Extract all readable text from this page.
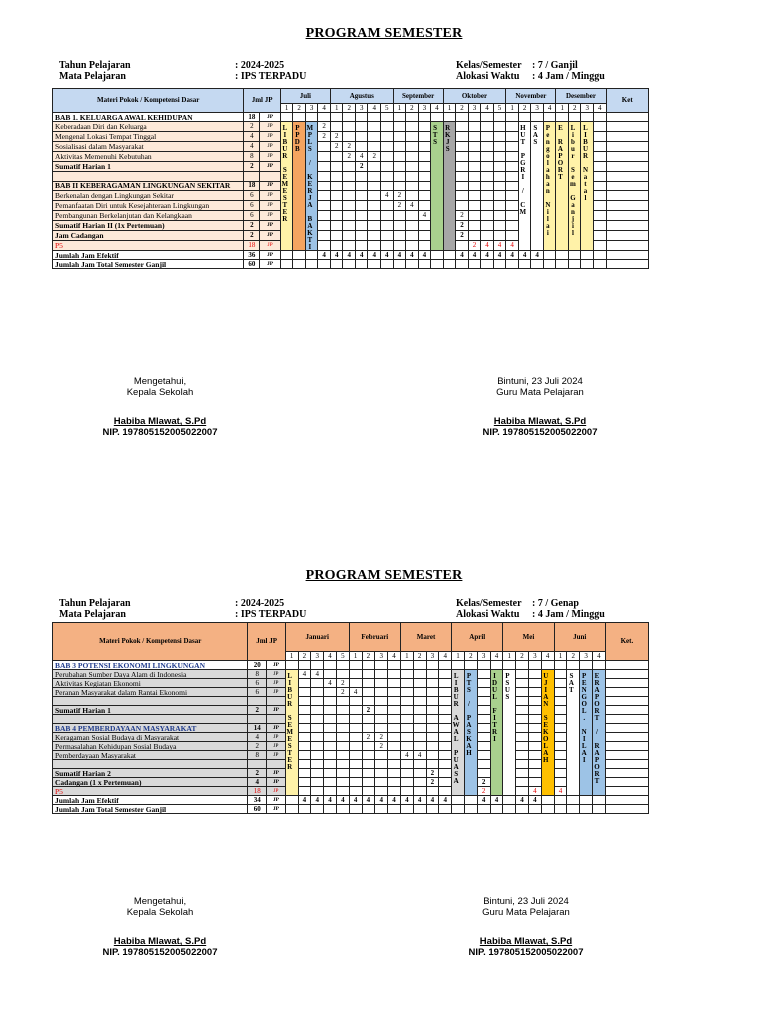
PROGRAM SEMESTER
Tahun Pelajaran	: 2024-2025
Mata Pelajaran	: IPS TERPADU
Kelas/Semester : 7 / Ganjil
Alokasi Waktu : 4 Jam / Minggu
Materi Pokok / Kompetensi Dasar	Jml JP		Juli				Agustus					September				Oktober					November				Desember				Ket
			1	2	3	4	1	2	3	4	5	1	2	3	4	1	2	3	4	5	1	2	3	4	1	2	3	4	
BAB 1. KELUARGA AWAL KEHIDUPAN	18	JP																											
Keberadaan Diri dan Keluarga	2	JP	LIBUR SEMESTER	PPDB	MPLS / KERJA BAKTI	2									STS	RKJS						HUT PGRI / CM	SAS	Pengolahan Nilai	E RAPORT	Libur Sem Ganjil	LIBUR Natal		

Mengenal Lokasi Tempat Tinggal	4	JP				2	2																						
Sosialisasi dalam Masyarakat	4	JP					2	2																					
Aktivitas Memenuhi Kebutuhan	8	JP						2	4	2																			
Sumatif Harian 1	2	JP							2																				

BAB II KEBERAGAMAN LINGKUNGAN SEKITAR	18	JP																											
Berkenalan dengan Lingkungan Sekitar	6	JP									4	2																	
Pemanfaatan Diri untuk Kesejahteraan Lingkungan	6	JP										2	4																
Pembangunan Berkelanjutan dan Kelangkaan	6	JP												4			2												
Sumatif Harian II (1x Pertemuan)	2	JP															2												
Jam Cadangan	2	JP															2												
P5	18	JP																2	4	4	4								
Jumlah Jam Efektif	36	JP				4	4	4	4	4	4	4	4	4			4	4	4	4	4	4	4						
Jumlah Jam Total Semester Ganjil	60	JP																											
Mengetahui,
Kepala Sekolah
Habiba Mlawat, S.Pd
NIP. 197805152005022007
Bintuni, 23 Juli 2024
Guru Mata Pelajaran
Habiba Mlawat, S.Pd
NIP. 197805152005022007
PROGRAM SEMESTER
Tahun Pelajaran	: 2024-2025
Mata Pelajaran	: IPS TERPADU
Kelas/Semester : 7 / Genap
Alokasi Waktu : 4 Jam / Minggu
Materi Pokok / Kompetensi Dasar	Jml JP		Januari					Februari				Maret				April				Mei				Juni				Ket.
			1	2	3	4	5	1	2	3	4	1	2	3	4	1	2	3	4	1	2	3	4	1	2	3	4	
BAB 3 POTENSI EKONOMI LINGKUNGAN	20	JP																										
Perubahan Sumber Daya Alam di Indonesia	8	JP	LIBUR SEMESTER	4	4											LIBUR AWAL PUASA	PTS / PASKAH		IDUL FITRI	PSUS			UJIAN SEKOLAH		SAT	PENGOL. NILAI	ERAPORT / RAPORT	

Aktivitas Kegiatan Ekonomi	6	JP				4	2																					
Peranan Masyarakat dalam Rantai Ekonomi	6	JP					2	4																				

Sumatif Harian 1	2	JP							2																			

BAB 4 PEMBERDAYAAN MASYARAKAT	14	JP																										
Keragaman Sosial Budaya di Masyarakat	4	JP							2	2																		
Permasalahan Kehidupan Sosial Budaya	2	JP								2																		
Pemberdayaan Masyarakat	8	JP										4	4															

Sumatif Harian 2	2	JP												2														
Cadangan (1 x Pertemuan)	4	JP												2				2										
P5	18	JP																2				4		4				
Jumlah Jam Efektif	34	JP		4	4	4	4	4	4	4	4	4	4	4	4			4	4		4	4						
Jumlah Jam Total Semester Ganjil	60	JP																										
Mengetahui,
Kepala Sekolah
Habiba Mlawat, S.Pd
NIP. 197805152005022007
Bintuni, 23 Juli 2024
Guru Mata Pelajaran
Habiba Mlawat, S.Pd
NIP. 197805152005022007
